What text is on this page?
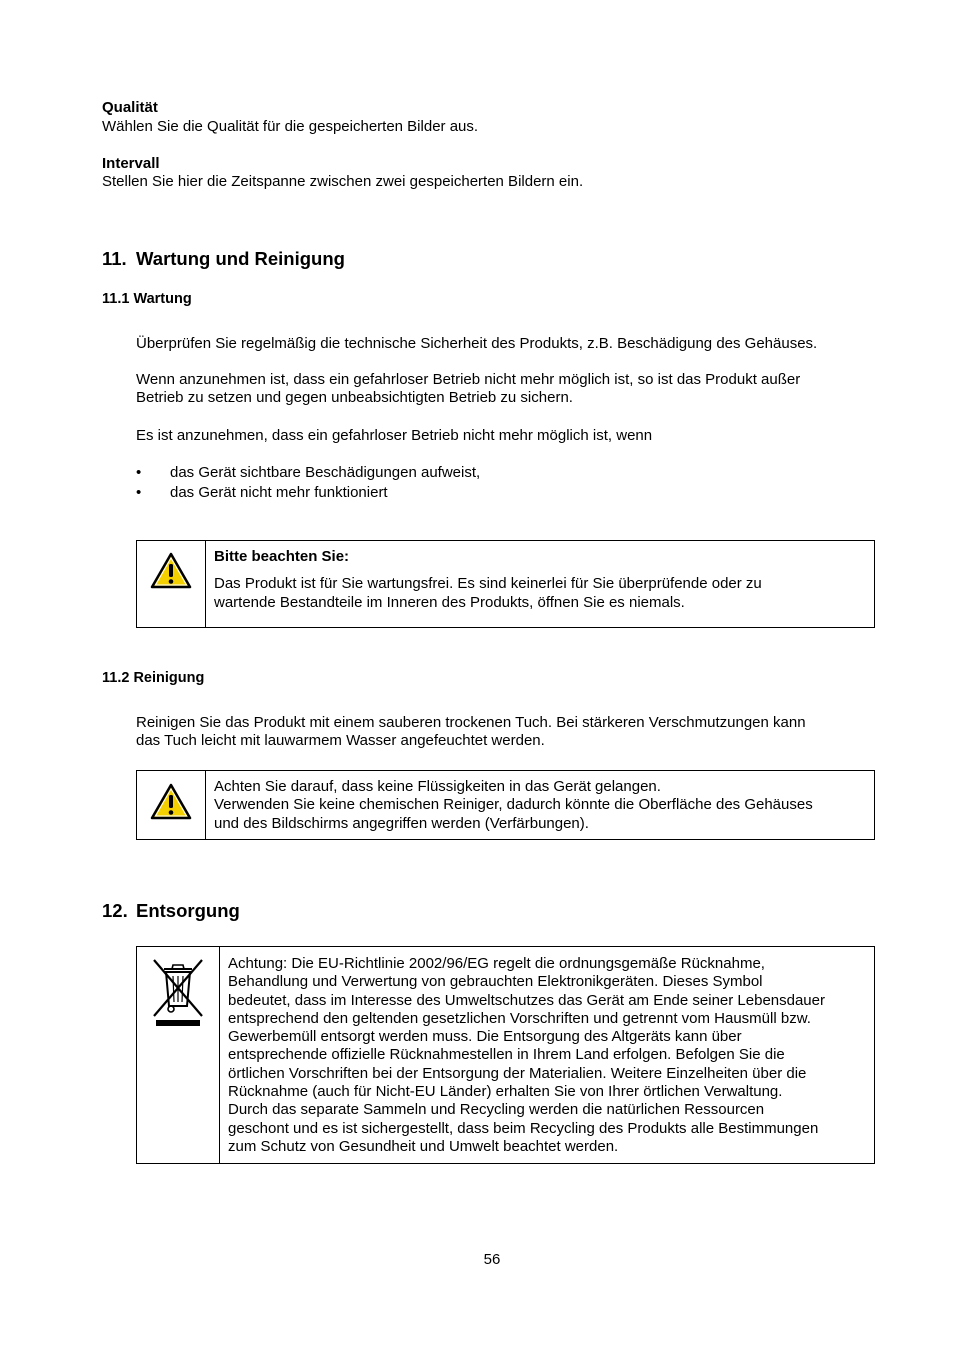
Qualität
Wählen Sie die Qualität für die gespeicherten Bilder aus.
Intervall
Stellen Sie hier die Zeitspanne zwischen zwei gespeicherten Bildern ein.
11. Wartung und Reinigung
11.1 Wartung
Überprüfen Sie regelmäßig die technische Sicherheit des Produkts, z.B. Beschädigung des Gehäuses.
Wenn anzunehmen ist, dass ein gefahrloser Betrieb nicht mehr möglich ist, so ist das Produkt außer
Betrieb zu setzen und gegen unbeabsichtigten Betrieb zu sichern.
Es ist anzunehmen, dass ein gefahrloser Betrieb nicht mehr möglich ist, wenn
• das Gerät sichtbare Beschädigungen aufweist,
• das Gerät nicht mehr funktioniert
Bitte beachten Sie:
Das Produkt ist für Sie wartungsfrei. Es sind keinerlei für Sie überprüfende oder zu
wartende Bestandteile im Inneren des Produkts, öffnen Sie es niemals.
11.2 Reinigung
Reinigen Sie das Produkt mit einem sauberen trockenen Tuch. Bei stärkeren Verschmutzungen kann
das Tuch leicht mit lauwarmem Wasser angefeuchtet werden.
Achten Sie darauf, dass keine Flüssigkeiten in das Gerät gelangen.
Verwenden Sie keine chemischen Reiniger, dadurch könnte die Oberfläche des Gehäuses
und des Bildschirms angegriffen werden (Verfärbungen).
12. Entsorgung
Achtung: Die EU-Richtlinie 2002/96/EG regelt die ordnungsgemäße Rücknahme,
Behandlung und Verwertung von gebrauchten Elektronikgeräten. Dieses Symbol
bedeutet, dass im Interesse des Umweltschutzes das Gerät am Ende seiner Lebensdauer
entsprechend den geltenden gesetzlichen Vorschriften und getrennt vom Hausmüll bzw.
Gewerbemüll entsorgt werden muss. Die Entsorgung des Altgeräts kann über
entsprechende offizielle Rücknahmestellen in Ihrem Land erfolgen. Befolgen Sie die
örtlichen Vorschriften bei der Entsorgung der Materialien. Weitere Einzelheiten über die
Rücknahme (auch für Nicht-EU Länder) erhalten Sie von Ihrer örtlichen Verwaltung.
Durch das separate Sammeln und Recycling werden die natürlichen Ressourcen
geschont und es ist sichergestellt, dass beim Recycling des Produkts alle Bestimmungen
zum Schutz von Gesundheit und Umwelt beachtet werden.
56
